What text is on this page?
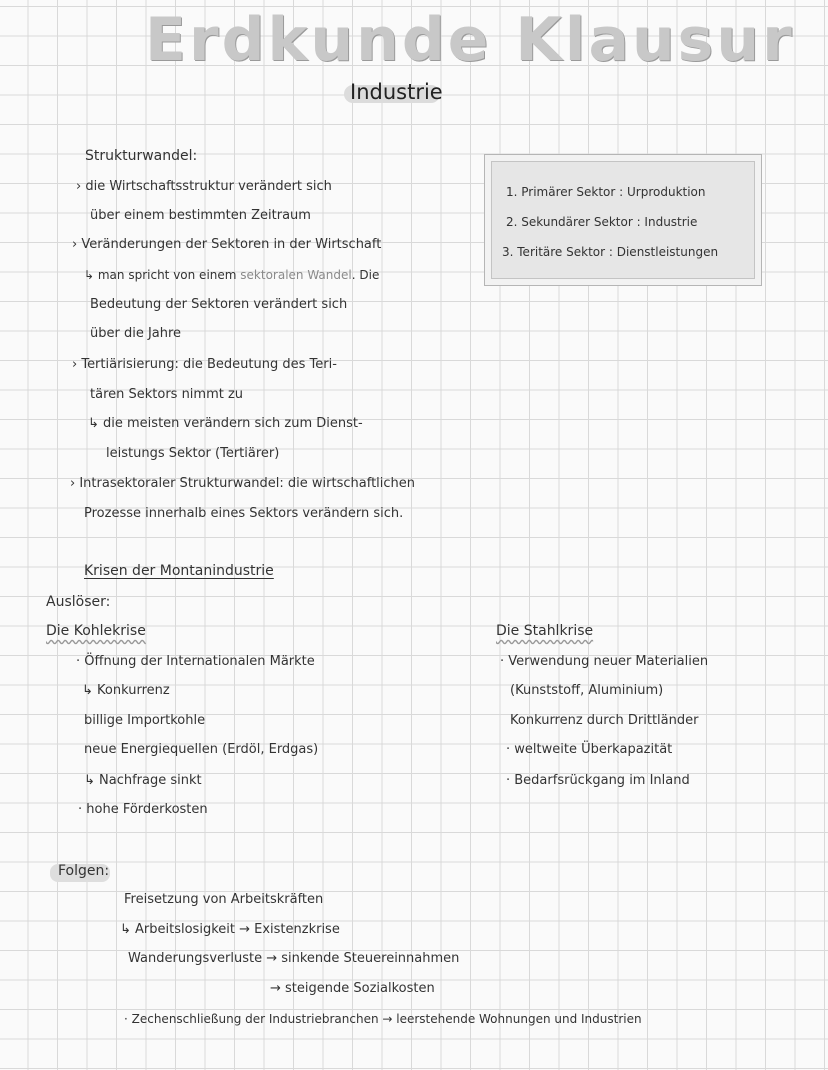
Erdkunde Klausur
Industrie
Strukturwandel:
› die Wirtschaftsstruktur verändert sich
über einem bestimmten Zeitraum
› Veränderungen der Sektoren in der Wirtschaft
↳ man spricht von einem sektoralen Wandel. Die
Bedeutung der Sektoren verändert sich
über die Jahre
› Tertiärisierung: die Bedeutung des Teri-
tären Sektors nimmt zu
↳ die meisten verändern sich zum Dienst-
leistungs Sektor (Tertiärer)
› Intrasektoraler Strukturwandel: die wirtschaftlichen
Prozesse innerhalb eines Sektors verändern sich.
1. Primärer Sektor : Urproduktion
2. Sekundärer Sektor : Industrie
3. Teritäre Sektor : Dienstleistungen
Krisen der Montanindustrie
Auslöser:
Die Kohlekrise
· Öffnung der Internationalen Märkte
↳ Konkurrenz
billige Importkohle
neue Energiequellen (Erdöl, Erdgas)
↳ Nachfrage sinkt
· hohe Förderkosten
Die Stahlkrise
· Verwendung neuer Materialien
(Kunststoff, Aluminium)
Konkurrenz durch Drittländer
· weltweite Überkapazität
· Bedarfsrückgang im Inland
Folgen:
Freisetzung von Arbeitskräften
↳ Arbeitslosigkeit → Existenzkrise
Wanderungsverluste → sinkende Steuereinnahmen
→ steigende Sozialkosten
· Zechenschließung der Industriebranchen → leerstehende Wohnungen und Industrien
